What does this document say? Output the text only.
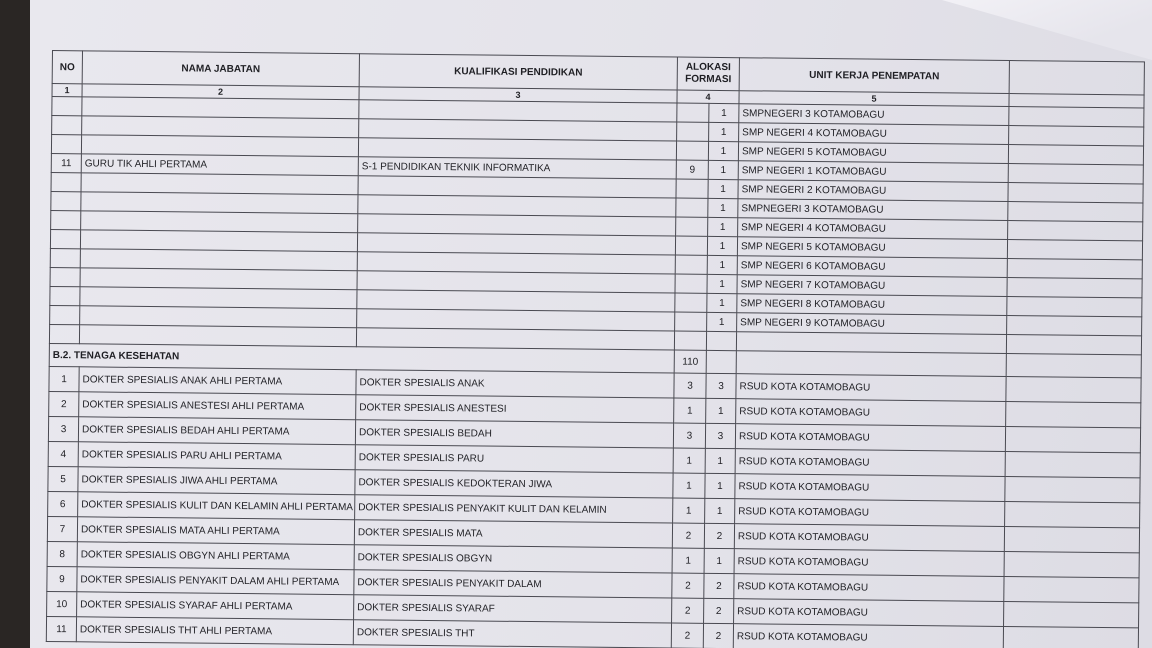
NO	NAMA JABATAN	KUALIFIKASI PENDIDIKAN	ALOKASI FORMASI		UNIT KERJA PENEMPATAN	
1	2	3	4		5	
				1	SMPNEGERI 3 KOTAMOBAGU	
				1	SMP NEGERI 4 KOTAMOBAGU	
				1	SMP NEGERI 5 KOTAMOBAGU	
11	GURU TIK AHLI PERTAMA	S-1 PENDIDIKAN TEKNIK INFORMATIKA	9	1	SMP NEGERI 1 KOTAMOBAGU	
				1	SMP NEGERI 2 KOTAMOBAGU	
				1	SMPNEGERI 3 KOTAMOBAGU	
				1	SMP NEGERI 4 KOTAMOBAGU	
				1	SMP NEGERI 5 KOTAMOBAGU	
				1	SMP NEGERI 6 KOTAMOBAGU	
				1	SMP NEGERI 7 KOTAMOBAGU	
				1	SMP NEGERI 8 KOTAMOBAGU	
				1	SMP NEGERI 9 KOTAMOBAGU	

B.2. TENAGA KESEHATAN			110			
1	DOKTER SPESIALIS ANAK AHLI PERTAMA	DOKTER SPESIALIS ANAK	3	3	RSUD KOTA KOTAMOBAGU	
2	DOKTER SPESIALIS ANESTESI AHLI PERTAMA	DOKTER SPESIALIS ANESTESI	1	1	RSUD KOTA KOTAMOBAGU	
3	DOKTER SPESIALIS BEDAH AHLI PERTAMA	DOKTER SPESIALIS BEDAH	3	3	RSUD KOTA KOTAMOBAGU	
4	DOKTER SPESIALIS PARU AHLI PERTAMA	DOKTER SPESIALIS PARU	1	1	RSUD KOTA KOTAMOBAGU	
5	DOKTER SPESIALIS JIWA AHLI PERTAMA	DOKTER SPESIALIS KEDOKTERAN JIWA	1	1	RSUD KOTA KOTAMOBAGU	
6	DOKTER SPESIALIS KULIT DAN KELAMIN AHLI PERTAMA	DOKTER SPESIALIS PENYAKIT KULIT DAN KELAMIN	1	1	RSUD KOTA KOTAMOBAGU	
7	DOKTER SPESIALIS MATA AHLI PERTAMA	DOKTER SPESIALIS MATA	2	2	RSUD KOTA KOTAMOBAGU	
8	DOKTER SPESIALIS OBGYN AHLI PERTAMA	DOKTER SPESIALIS OBGYN	1	1	RSUD KOTA KOTAMOBAGU	
9	DOKTER SPESIALIS PENYAKIT DALAM AHLI PERTAMA	DOKTER SPESIALIS PENYAKIT DALAM	2	2	RSUD KOTA KOTAMOBAGU	
10	DOKTER SPESIALIS SYARAF AHLI PERTAMA	DOKTER SPESIALIS SYARAF	2	2	RSUD KOTA KOTAMOBAGU	
11	DOKTER SPESIALIS THT AHLI PERTAMA	DOKTER SPESIALIS THT	2	2	RSUD KOTA KOTAMOBAGU	
